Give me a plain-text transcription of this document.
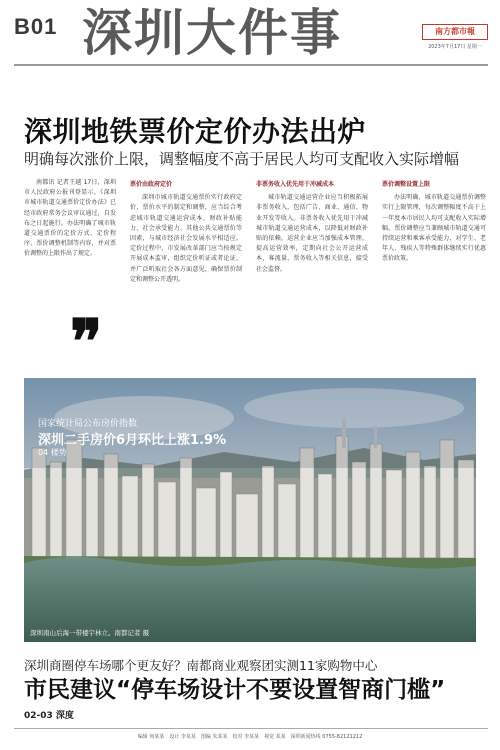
B01 深圳大件事	南方都市報
2023年7月17日 星期一
深圳地铁票价定价办法出炉
明确每次涨价上限，调整幅度不高于居民人均可支配收入实际增幅

南都讯 记者王越 17日，深圳市人民政府公报刊登显示，《深圳市城市轨道交通票价定价办法》已经市政府常务会议审议通过，自发布之日起施行。办法明确了城市轨道交通票价的定价方式、定价程序、票价调整机制等内容，并对票价调整的上限作出了规定。

❞
票价由政府定价

深圳市城市轨道交通票价实行政府定价，票价水平的制定和调整，应当综合考虑城市轨道交通运营成本、财政补贴能力、社会承受能力、其他公共交通票价等因素，与城市经济社会发展水平相适应。定价过程中，市发展改革部门应当按规定开展成本监审，组织定价听证或者论证，并广泛听取社会各方面意见，确保票价制定和调整公开透明。

非票务收入优先用于冲减成本

城市轨道交通运营企业应当积极拓展非票务收入，包括广告、商业、通信、物业开发等收入。非票务收入优先用于冲减城市轨道交通运营成本，以降低对财政补贴的依赖。运营企业应当加强成本管理，提高运营效率，定期向社会公开运营成本、客流量、票务收入等相关信息，接受社会监督。

票价调整设置上限

办法明确，城市轨道交通票价调整实行上限管理，每次调整幅度不高于上一年度本市居民人均可支配收入实际增幅。票价调整应当兼顾城市轨道交通可持续运营和乘客承受能力，对学生、老年人、残疾人等特殊群体继续实行优惠票价政策。

国家统计局公布房价指数
深圳二手房价6月环比上涨1.9%
04 楼势
深圳南山后海一带楼宇林立。南都记者 摄
深圳商圈停车场哪个更友好？南都商业观察团实测11家购物中心
市民建议“停车场设计不要设置智商门槛”
02-03 深度
编辑 何某某　设计 李某某　图编 朱某某　校对 李某某　视觉 某某　深圳新闻热线 0755-82121212
